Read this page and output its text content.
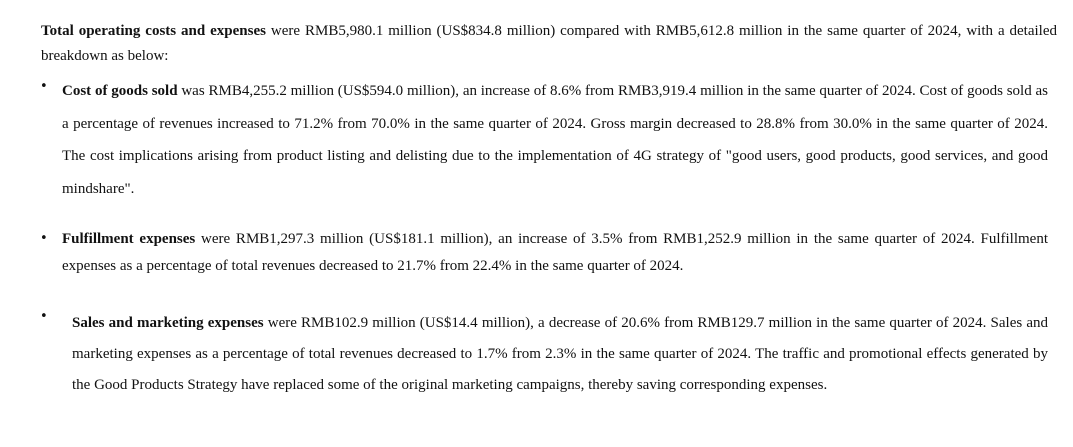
Total operating costs and expenses were RMB5,980.1 million (US$834.8 million) compared with RMB5,612.8 million in the same quarter of 2024, with a detailed breakdown as below:

• Cost of goods sold was RMB4,255.2 million (US$594.0 million), an increase of 8.6% from RMB3,919.4 million in the same quarter of 2024. Cost of goods sold as a percentage of revenues increased to 71.2% from 70.0% in the same quarter of 2024. Gross margin decreased to 28.8% from 30.0% in the same quarter of 2024. The cost implications arising from product listing and delisting due to the implementation of 4G strategy of "good users, good products, good services, and good mindshare".

• Fulfillment expenses were RMB1,297.3 million (US$181.1 million), an increase of 3.5% from RMB1,252.9 million in the same quarter of 2024. Fulfillment expenses as a percentage of total revenues decreased to 21.7% from 22.4% in the same quarter of 2024.

• Sales and marketing expenses were RMB102.9 million (US$14.4 million), a decrease of 20.6% from RMB129.7 million in the same quarter of 2024. Sales and marketing expenses as a percentage of total revenues decreased to 1.7% from 2.3% in the same quarter of 2024. The traffic and promotional effects generated by the Good Products Strategy have replaced some of the original marketing campaigns, thereby saving corresponding expenses.
